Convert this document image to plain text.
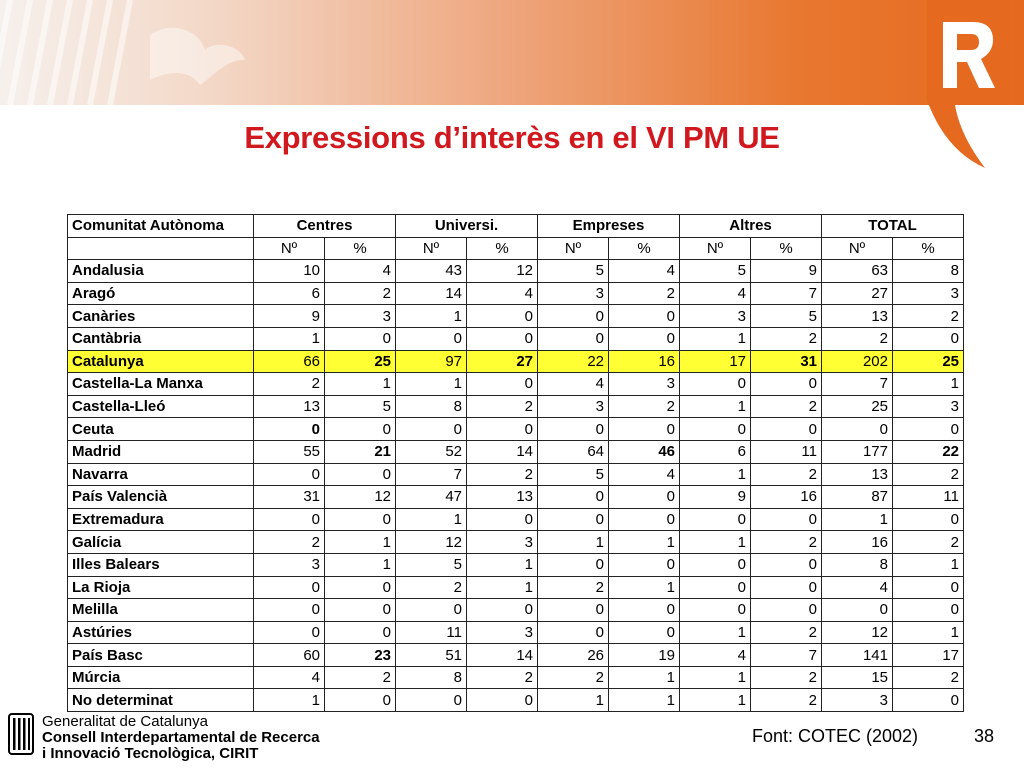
Expressions d’interès en el VI PM UE
Comunitat Autònoma	Centres		Universi.		Empreses		Altres		TOTAL	
	Nº	%	Nº	%	Nº	%	Nº	%	Nº	%
Andalusia	10	4	43	12	5	4	5	9	63	8
Aragó	6	2	14	4	3	2	4	7	27	3
Canàries	9	3	1	0	0	0	3	5	13	2
Cantàbria	1	0	0	0	0	0	1	2	2	0
Catalunya	66	25	97	27	22	16	17	31	202	25
Castella-La Manxa	2	1	1	0	4	3	0	0	7	1
Castella-Lleó	13	5	8	2	3	2	1	2	25	3
Ceuta	0	0	0	0	0	0	0	0	0	0
Madrid	55	21	52	14	64	46	6	11	177	22
Navarra	0	0	7	2	5	4	1	2	13	2
País Valencià	31	12	47	13	0	0	9	16	87	11
Extremadura	0	0	1	0	0	0	0	0	1	0
Galícia	2	1	12	3	1	1	1	2	16	2
Illes Balears	3	1	5	1	0	0	0	0	8	1
La Rioja	0	0	2	1	2	1	0	0	4	0
Melilla	0	0	0	0	0	0	0	0	0	0
Astúries	0	0	11	3	0	0	1	2	12	1
País Basc	60	23	51	14	26	19	4	7	141	17
Múrcia	4	2	8	2	2	1	1	2	15	2
No determinat	1	0	0	0	1	1	1	2	3	0
Generalitat de Catalunya
Consell Interdepartamental de Recerca
i Innovació Tecnològica, CIRIT
Font: COTEC (2002)	38
